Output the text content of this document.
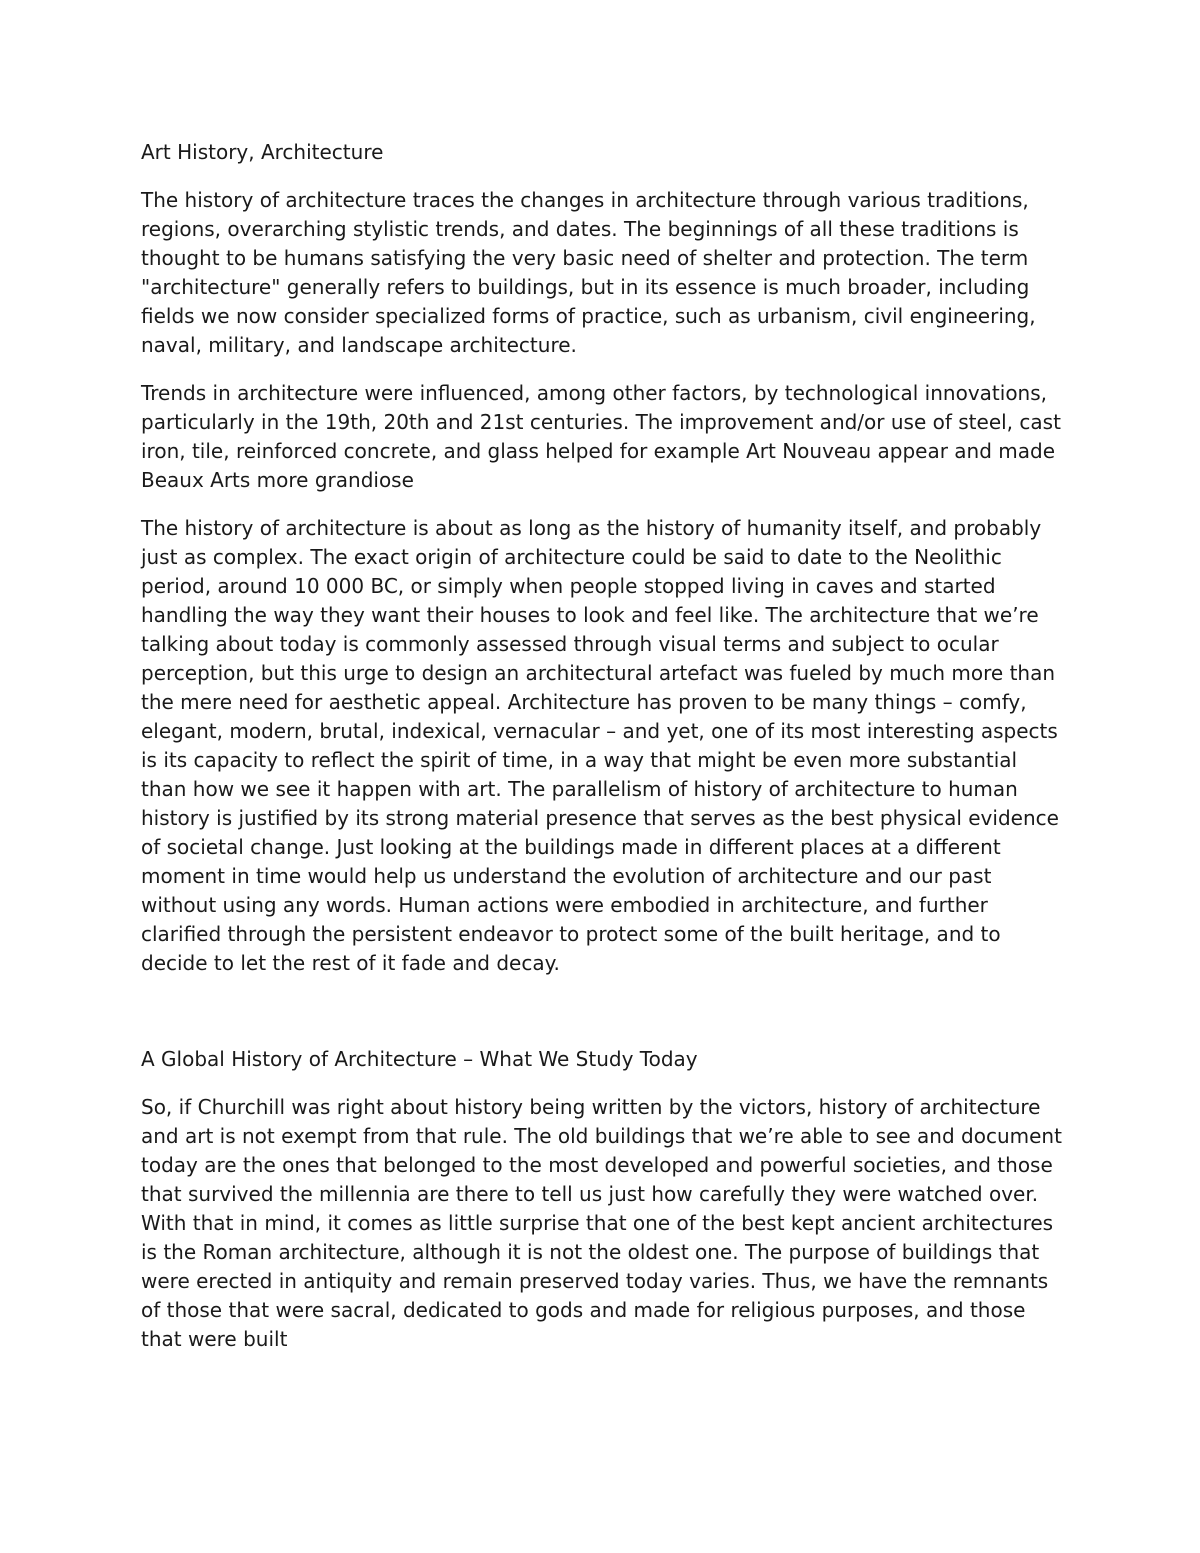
Art History, Architecture

The history of architecture traces the changes in architecture through various traditions, regions, overarching stylistic trends, and dates. The beginnings of all these traditions is thought to be humans satisfying the very basic need of shelter and protection. The term "architecture" generally refers to buildings, but in its essence is much broader, including fields we now consider specialized forms of practice, such as urbanism, civil engineering, naval, military, and landscape architecture.

Trends in architecture were influenced, among other factors, by technological innovations, particularly in the 19th, 20th and 21st centuries. The improvement and/or use of steel, cast iron, tile, reinforced concrete, and glass helped for example Art Nouveau appear and made Beaux Arts more grandiose

The history of architecture is about as long as the history of humanity itself, and probably just as complex. The exact origin of architecture could be said to date to the Neolithic period, around 10 000 BC, or simply when people stopped living in caves and started handling the way they want their houses to look and feel like. The architecture that we’re talking about today is commonly assessed through visual terms and subject to ocular perception, but this urge to design an architectural artefact was fueled by much more than the mere need for aesthetic appeal. Architecture has proven to be many things – comfy, elegant, modern, brutal, indexical, vernacular – and yet, one of its most interesting aspects is its capacity to reflect the spirit of time, in a way that might be even more substantial than how we see it happen with art. The parallelism of history of architecture to human history is justified by its strong material presence that serves as the best physical evidence of societal change. Just looking at the buildings made in different places at a different moment in time would help us understand the evolution of architecture and our past without using any words. Human actions were embodied in architecture, and further clarified through the persistent endeavor to protect some of the built heritage, and to decide to let the rest of it fade and decay.

A Global History of Architecture – What We Study Today

So, if Churchill was right about history being written by the victors, history of architecture and art is not exempt from that rule. The old buildings that we’re able to see and document today are the ones that belonged to the most developed and powerful societies, and those that survived the millennia are there to tell us just how carefully they were watched over. With that in mind, it comes as little surprise that one of the best kept ancient architectures is the Roman architecture, although it is not the oldest one. The purpose of buildings that were erected in antiquity and remain preserved today varies. Thus, we have the remnants of those that were sacral, dedicated to gods and made for religious purposes, and those that were built
